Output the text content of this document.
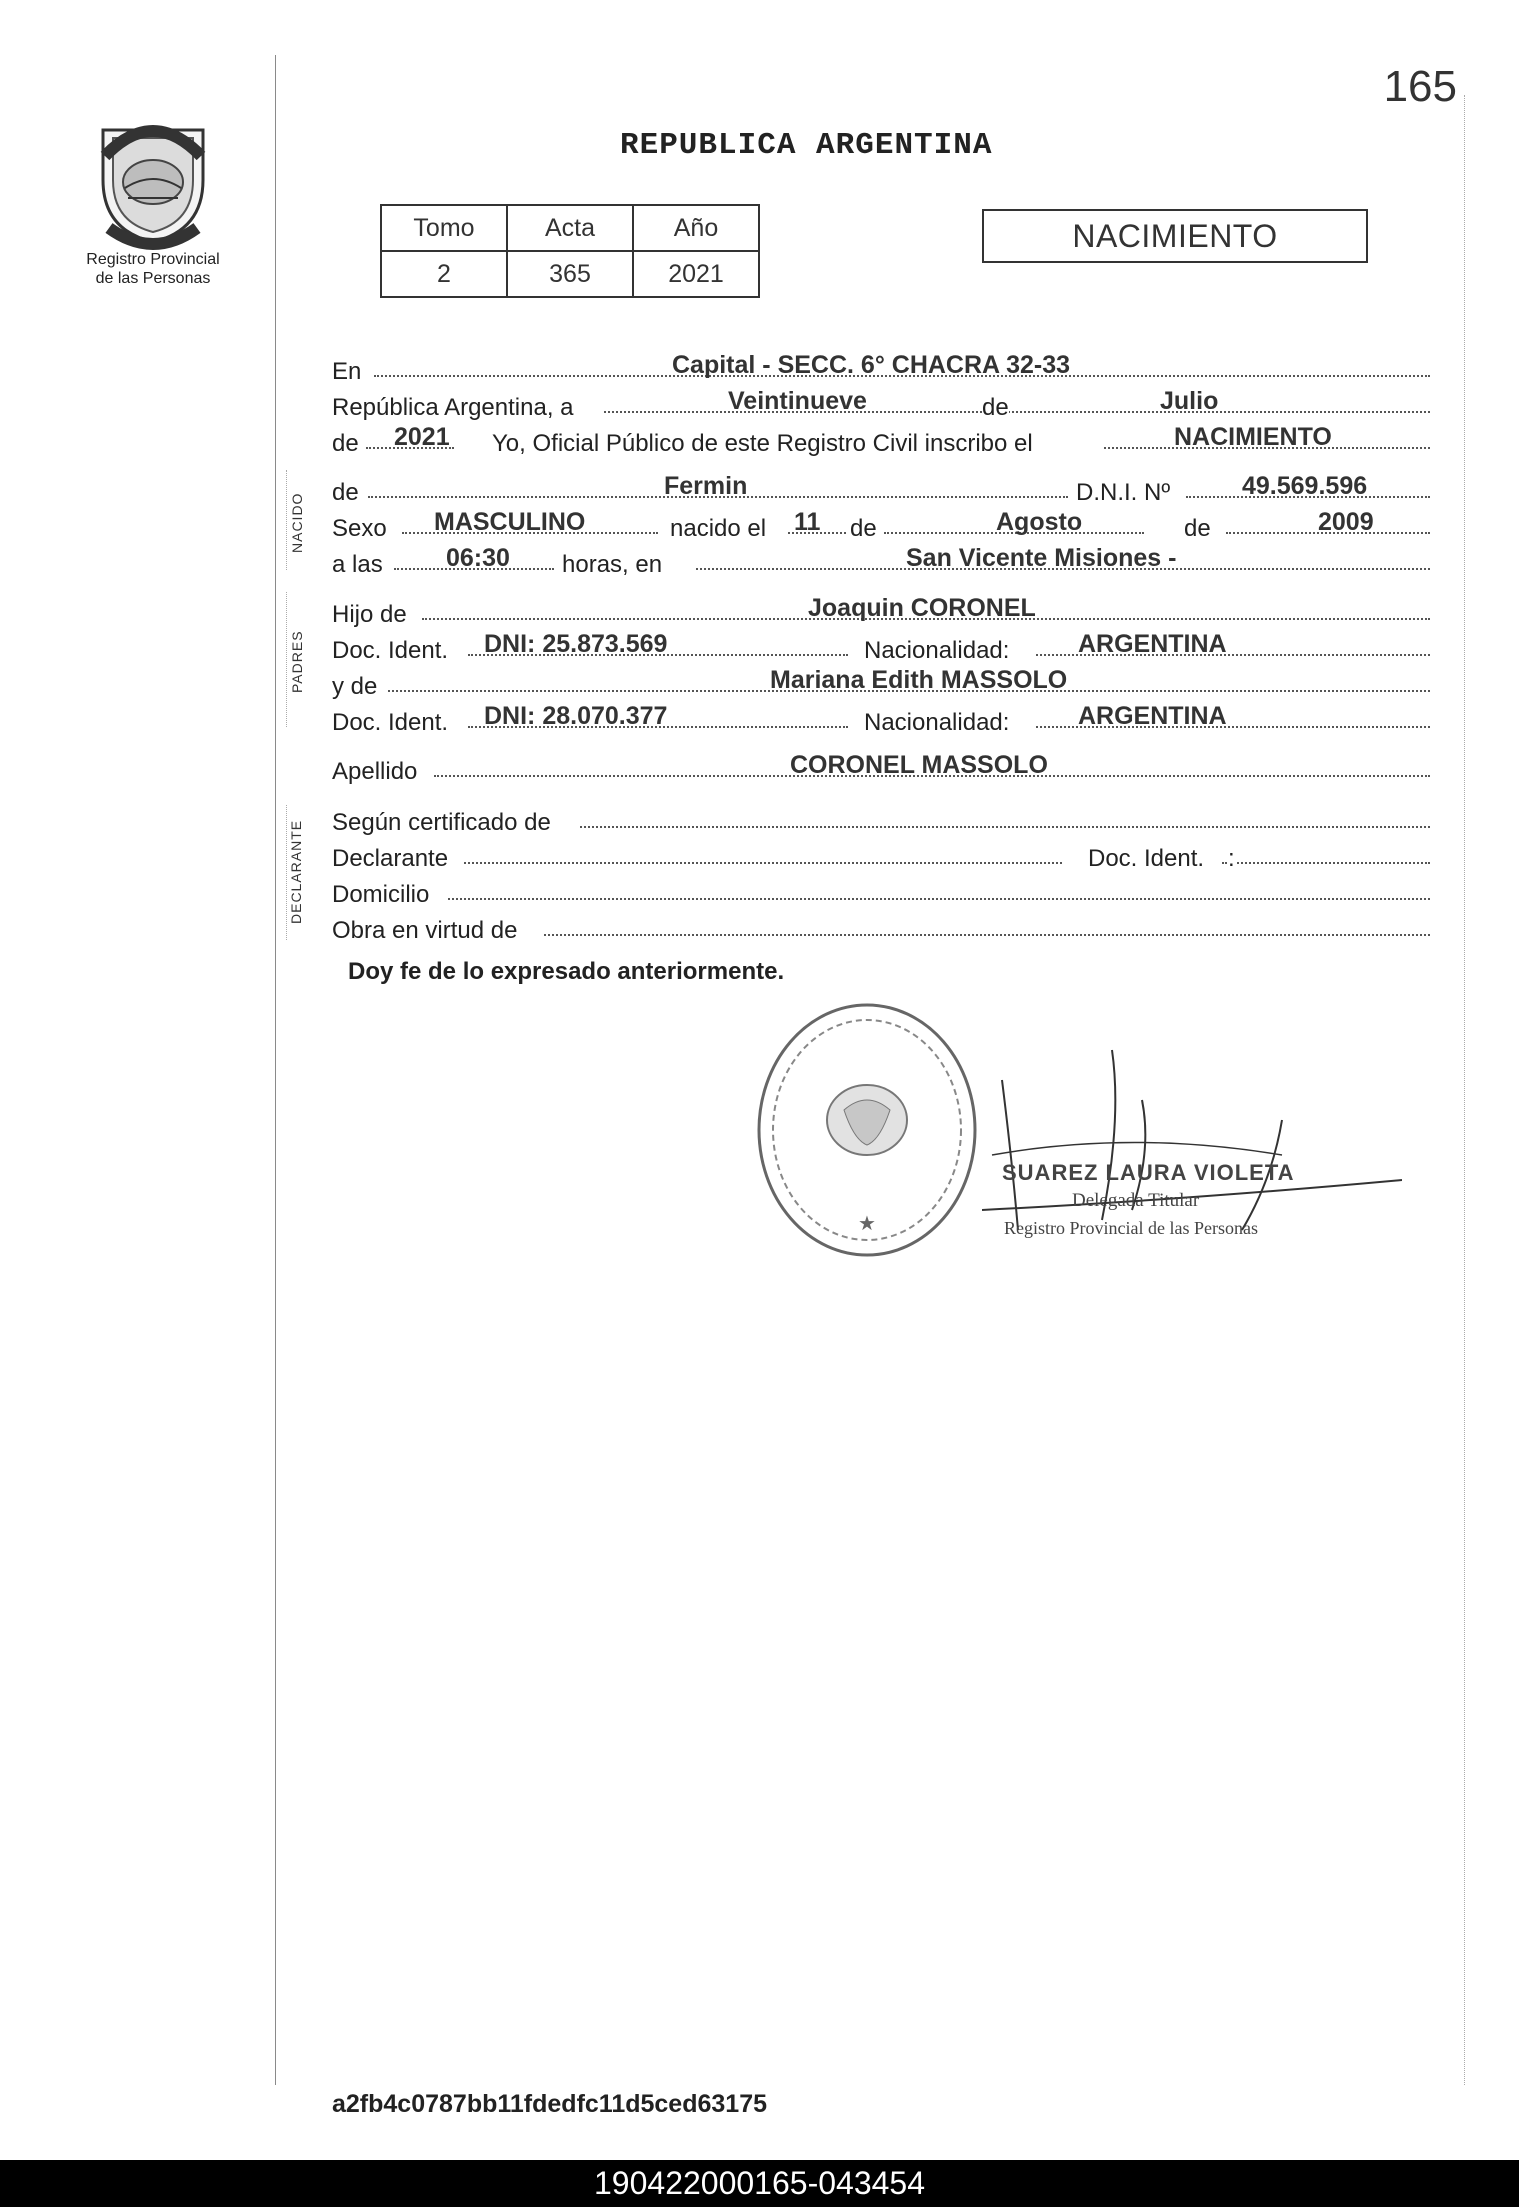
165
Registro Provincial
de las Personas
REPUBLICA ARGENTINA
Tomo	Acta	Año
2	365	2021
NACIMIENTO
NACIDO
PADRES
DECLARANTE
En	Capital - SECC. 6° CHACRA 32-33
República Argentina, a	Veintinueve	de	Julio
de 2021 Yo, Oficial Público de este Registro Civil inscribo el	NACIMIENTO
de	Fermin	D.N.I. Nº	49.569.596
Sexo MASCULINO	nacido el 11 de	Agosto	de	2009
a las	06:30 horas, en	San Vicente Misiones -
Hijo de	Joaquin CORONEL
Doc. Ident. DNI: 25.873.569	Nacionalidad:	ARGENTINA
y de	Mariana Edith MASSOLO
Doc. Ident. DNI: 28.070.377	Nacionalidad:	ARGENTINA
Apellido	CORONEL MASSOLO
Según certificado de
Declarante	Doc. Ident. :
Domicilio
Obra en virtud de
Doy fe de lo expresado anteriormente.
★
SUAREZ LAURA VIOLETA
Delegada Titular
Registro Provincial de las Personas
a2fb4c0787bb11fdedfc11d5ced63175
190422000165-043454
